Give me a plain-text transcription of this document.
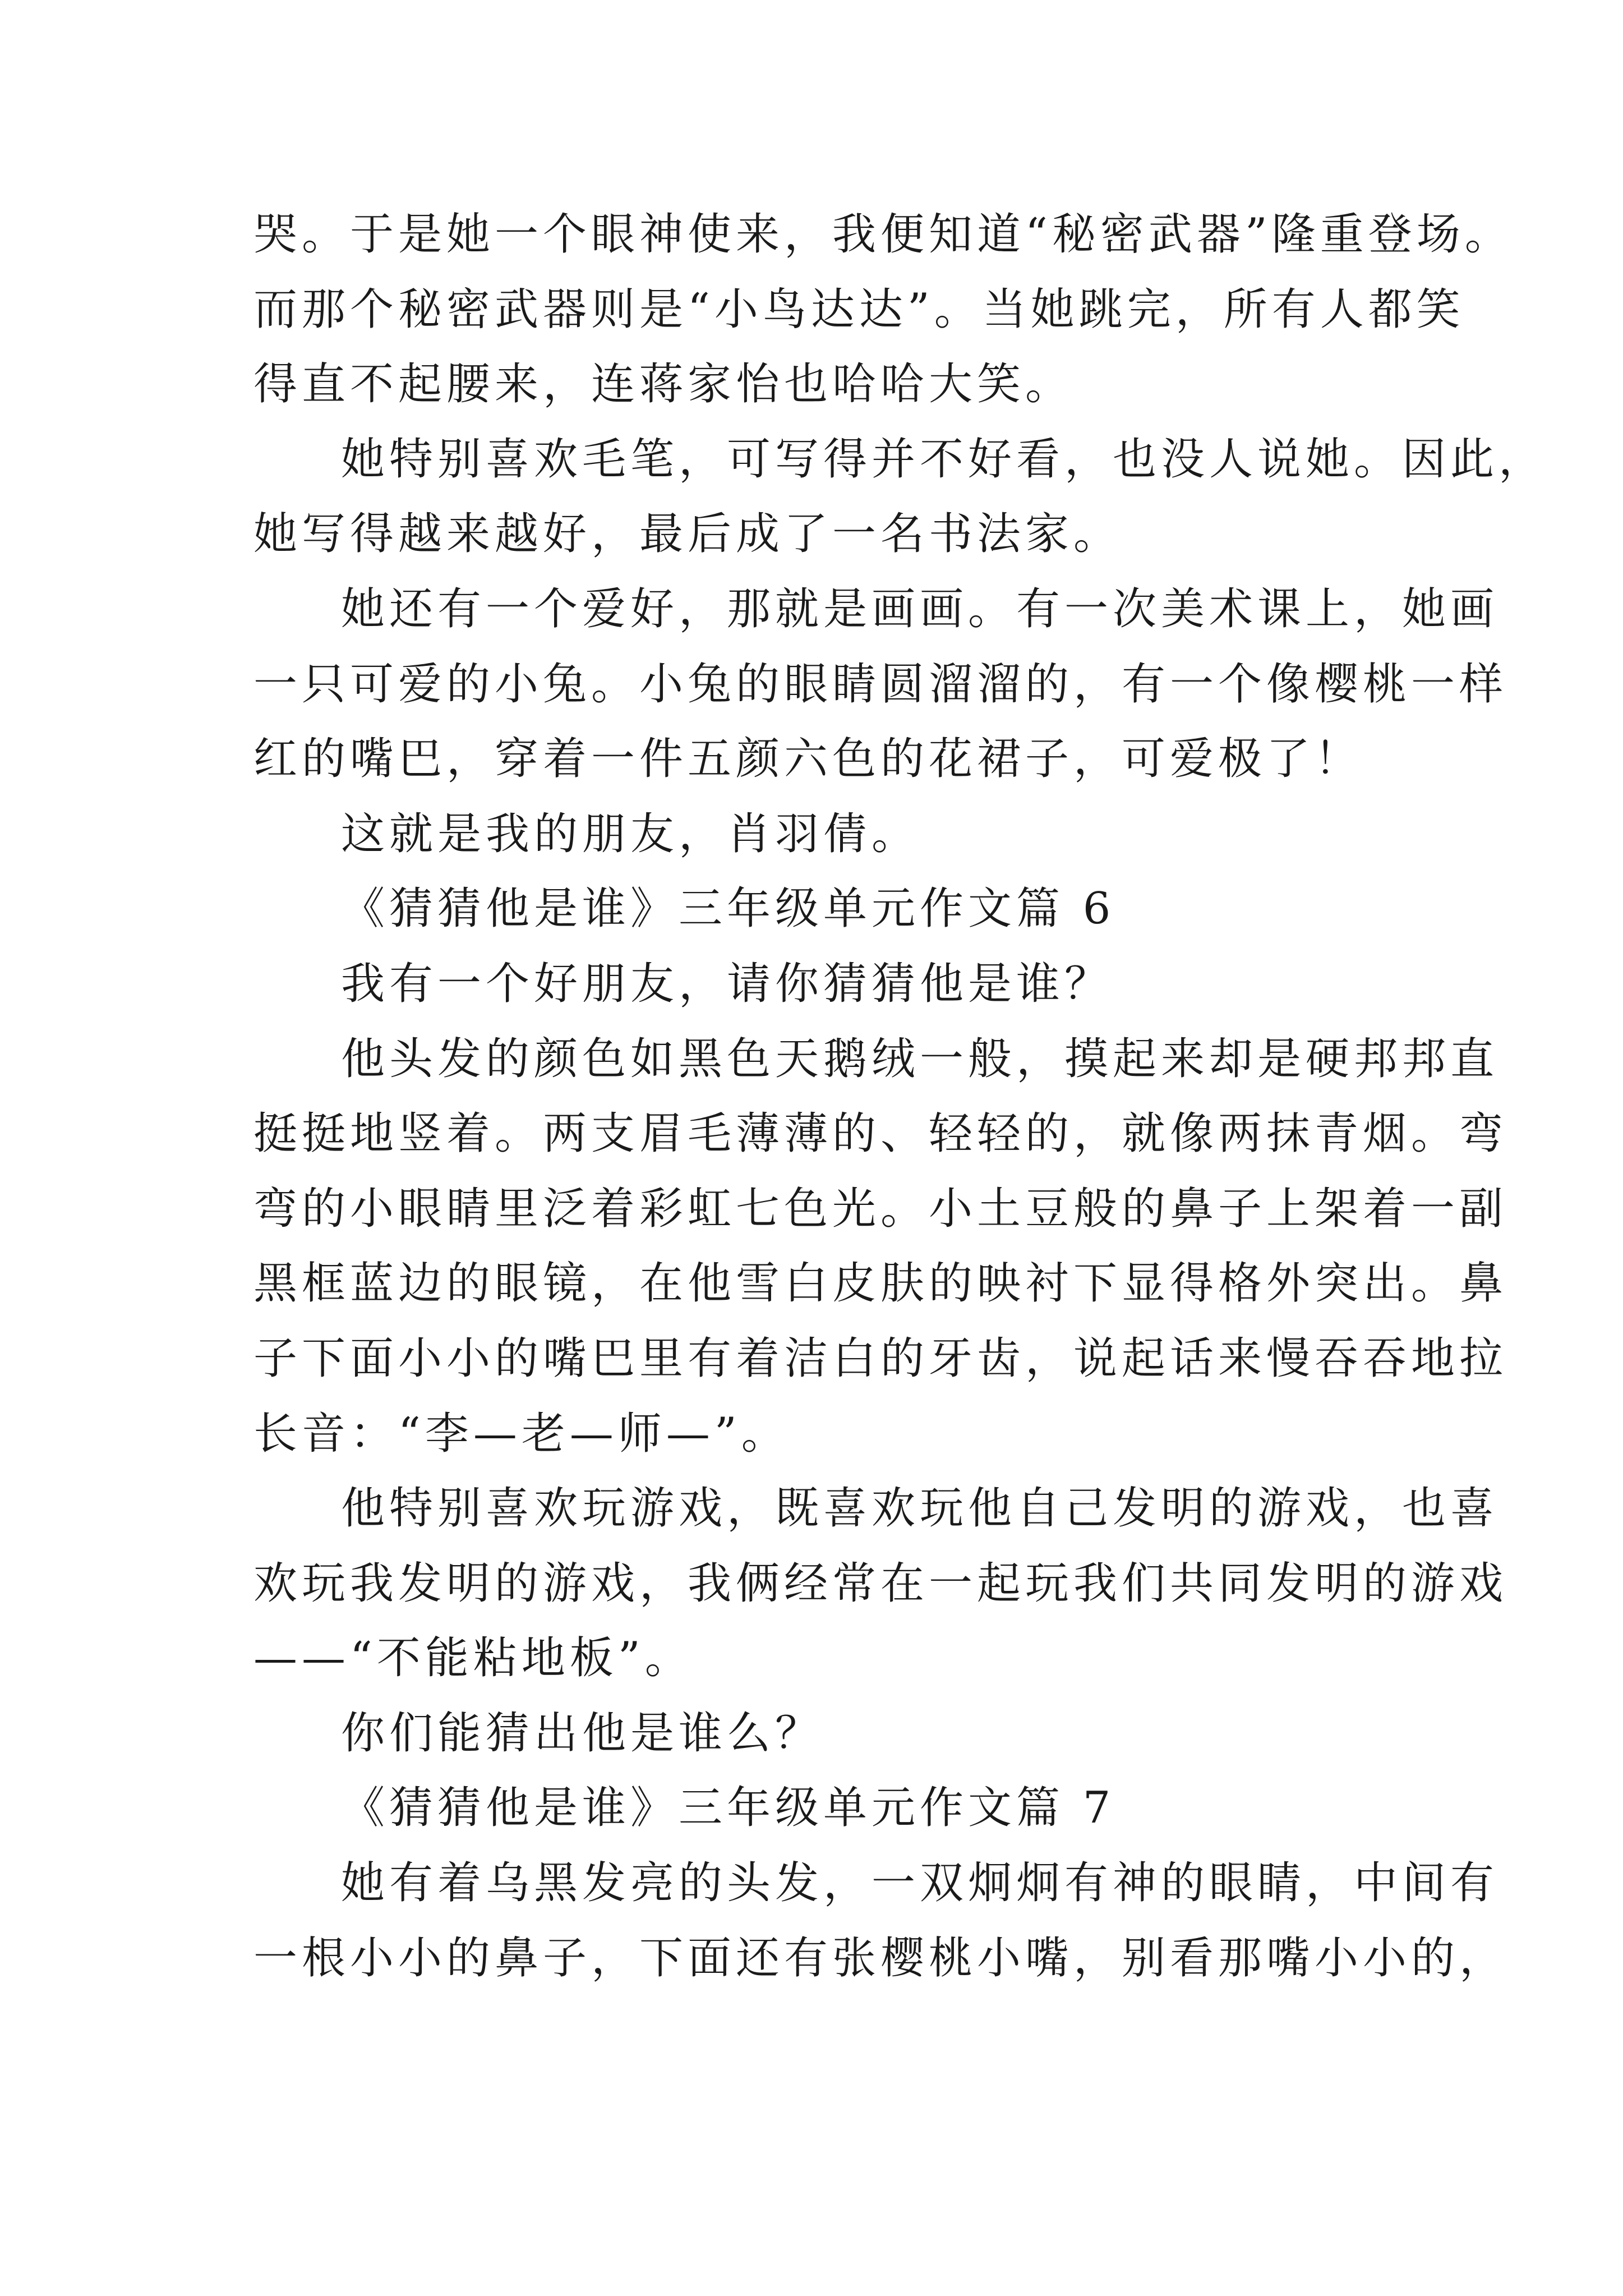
哭。于是她一个眼神使来，我便知道“秘密武器”隆重登场。

而那个秘密武器则是“小鸟达达”。当她跳完，所有人都笑

得直不起腰来，连蒋家怡也哈哈大笑。

她特别喜欢毛笔，可写得并不好看，也没人说她。因此，

她写得越来越好，最后成了一名书法家。

她还有一个爱好，那就是画画。有一次美术课上，她画

一只可爱的小兔。小兔的眼睛圆溜溜的，有一个像樱桃一样

红的嘴巴，穿着一件五颜六色的花裙子，可爱极了！

这就是我的朋友，肖羽倩。

《猜猜他是谁》三年级单元作文篇 6

我有一个好朋友，请你猜猜他是谁？

他头发的颜色如黑色天鹅绒一般，摸起来却是硬邦邦直

挺挺地竖着。两支眉毛薄薄的、轻轻的，就像两抹青烟。弯

弯的小眼睛里泛着彩虹七色光。小土豆般的鼻子上架着一副

黑框蓝边的眼镜，在他雪白皮肤的映衬下显得格外突出。鼻

子下面小小的嘴巴里有着洁白的牙齿，说起话来慢吞吞地拉

长音：“李—老—师—”。

他特别喜欢玩游戏，既喜欢玩他自己发明的游戏，也喜

欢玩我发明的游戏，我俩经常在一起玩我们共同发明的游戏

——“不能粘地板”。

你们能猜出他是谁么？

《猜猜他是谁》三年级单元作文篇 7

她有着乌黑发亮的头发，一双炯炯有神的眼睛，中间有

一根小小的鼻子，下面还有张樱桃小嘴，别看那嘴小小的，
